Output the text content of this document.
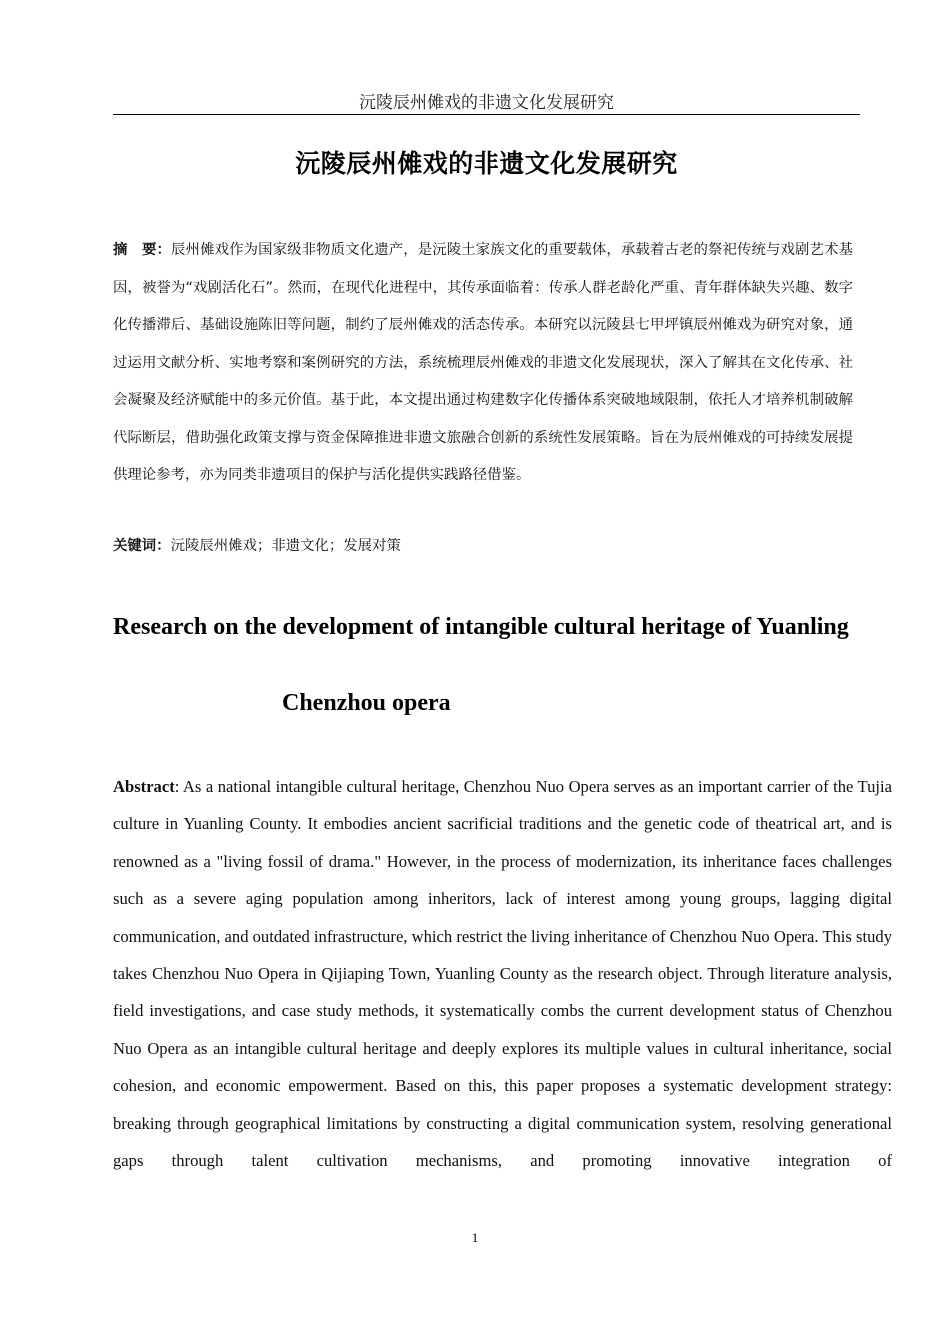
沅陵辰州傩戏的非遗文化发展研究
沅陵辰州傩戏的非遗文化发展研究
摘　要：辰州傩戏作为国家级非物质文化遗产，是沅陵土家族文化的重要载体，承载着古老的祭祀传统与戏剧艺术基因，被誉为“戏剧活化石”。然而，在现代化进程中，其传承面临着：传承人群老龄化严重、青年群体缺失兴趣、数字化传播滞后、基础设施陈旧等问题，制约了辰州傩戏的活态传承。本研究以沅陵县七甲坪镇辰州傩戏为研究对象，通过运用文献分析、实地考察和案例研究的方法，系统梳理辰州傩戏的非遗文化发展现状，深入了解其在文化传承、社会凝聚及经济赋能中的多元价值。基于此，本文提出通过构建数字化传播体系突破地域限制，依托人才培养机制破解代际断层，借助强化政策支撑与资金保障推进非遗文旅融合创新的系统性发展策略。旨在为辰州傩戏的可持续发展提供理论参考，亦为同类非遗项目的保护与活化提供实践路径借鉴。
关键词：沅陵辰州傩戏；非遗文化；发展对策
Research on the development of intangible cultural heritage of Yuanling
Chenzhou opera
Abstract: As a national intangible cultural heritage, Chenzhou Nuo Opera serves as an important carrier of the Tujia culture in Yuanling County. It embodies ancient sacrificial traditions and the genetic code of theatrical art, and is renowned as a "living fossil of drama." However, in the process of modernization, its inheritance faces challenges such as a severe aging population among inheritors, lack of interest among young groups, lagging digital communication, and outdated infrastructure, which restrict the living inheritance of Chenzhou Nuo Opera. This study takes Chenzhou Nuo Opera in Qijiaping Town, Yuanling County as the research object. Through literature analysis, field investigations, and case study methods, it systematically combs the current development status of Chenzhou Nuo Opera as an intangible cultural heritage and deeply explores its multiple values in cultural inheritance, social cohesion, and economic empowerment. Based on this, this paper proposes a systematic development strategy: breaking through geographical limitations by constructing a digital communication system, resolving generational gaps through talent cultivation mechanisms, and promoting innovative integration of
1
